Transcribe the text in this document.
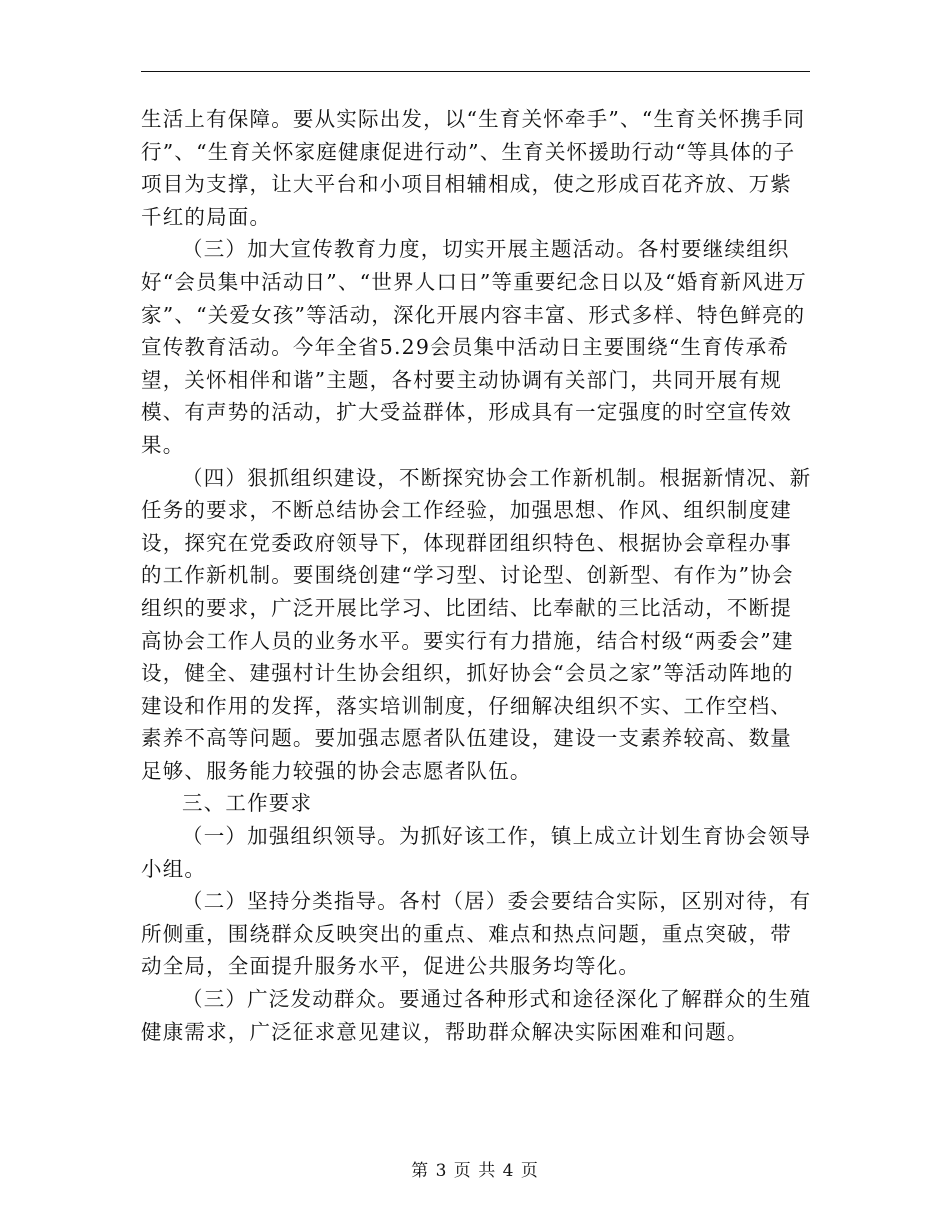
生活上有保障。要从实际出发，以“生育关怀牵手”、“生育关怀携手同行”、“生育关怀家庭健康促进行动”、生育关怀援助行动“等具体的子项目为支撑，让大平台和小项目相辅相成，使之形成百花齐放、万紫千红的局面。

（三）加大宣传教育力度，切实开展主题活动。各村要继续组织好“会员集中活动日”、“世界人口日”等重要纪念日以及“婚育新风进万家”、“关爱女孩”等活动，深化开展内容丰富、形式多样、特色鲜亮的宣传教育活动。今年全省5.29会员集中活动日主要围绕“生育传承希望，关怀相伴和谐”主题，各村要主动协调有关部门，共同开展有规模、有声势的活动，扩大受益群体，形成具有一定强度的时空宣传效果。

（四）狠抓组织建设，不断探究协会工作新机制。根据新情况、新任务的要求，不断总结协会工作经验，加强思想、作风、组织制度建设，探究在党委政府领导下，体现群团组织特色、根据协会章程办事的工作新机制。要围绕创建“学习型、讨论型、创新型、有作为”协会组织的要求，广泛开展比学习、比团结、比奉献的三比活动，不断提高协会工作人员的业务水平。要实行有力措施，结合村级“两委会”建设，健全、建强村计生协会组织，抓好协会“会员之家”等活动阵地的建设和作用的发挥，落实培训制度，仔细解决组织不实、工作空档、素养不高等问题。要加强志愿者队伍建设，建设一支素养较高、数量足够、服务能力较强的协会志愿者队伍。

三、工作要求

（一）加强组织领导。为抓好该工作，镇上成立计划生育协会领导小组。

（二）坚持分类指导。各村（居）委会要结合实际，区别对待，有所侧重，围绕群众反映突出的重点、难点和热点问题，重点突破，带动全局，全面提升服务水平，促进公共服务均等化。

（三）广泛发动群众。要通过各种形式和途径深化了解群众的生殖健康需求，广泛征求意见建议，帮助群众解决实际困难和问题。

第 3 页 共 4 页
